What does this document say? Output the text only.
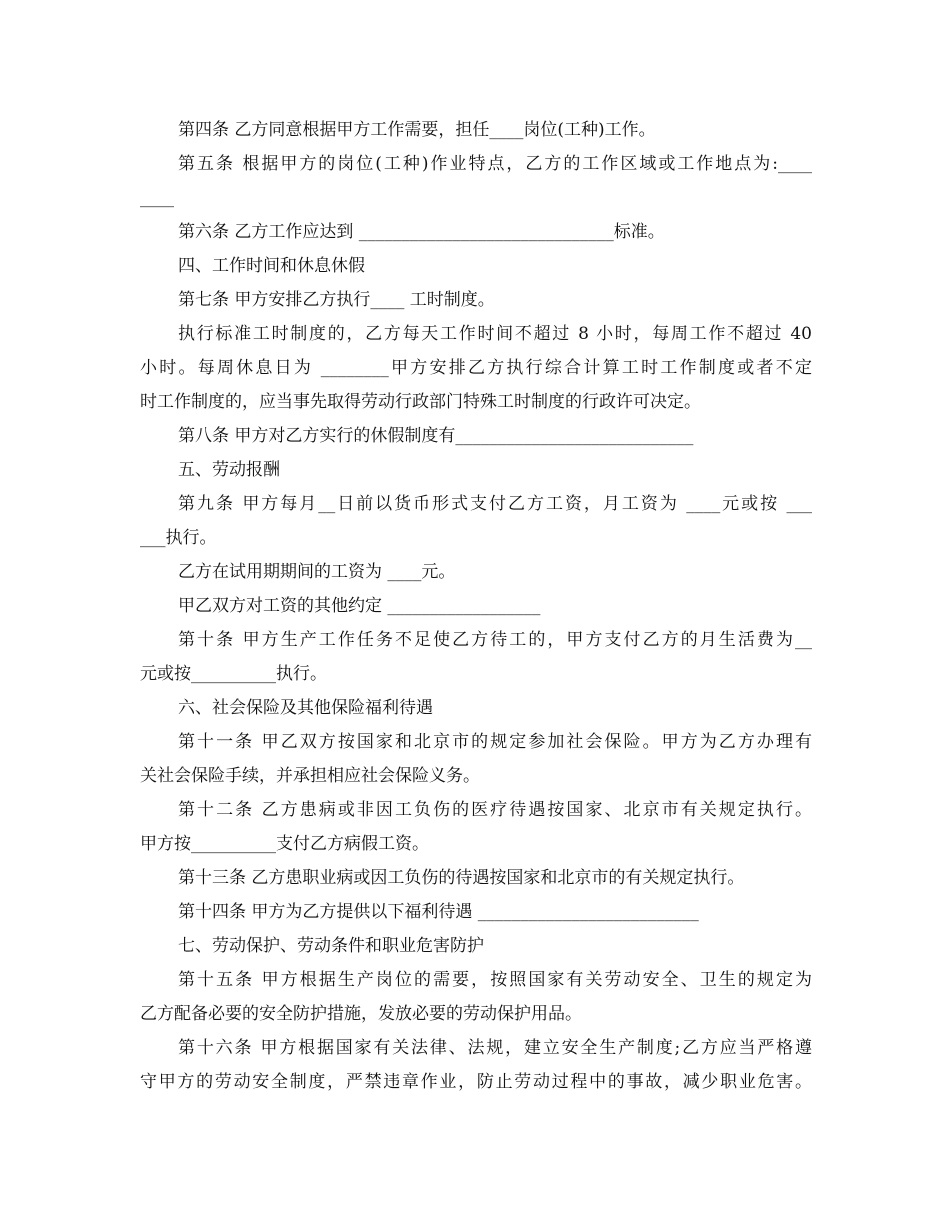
第四条 乙方同意根据甲方工作需要，担任____岗位(工种)工作。
第五条 根据甲方的岗位(工种)作业特点，乙方的工作区域或工作地点为:____
____
第六条 乙方工作应达到 ______________________________标准。
四、工作时间和休息休假
第七条 甲方安排乙方执行____ 工时制度。
执行标准工时制度的，乙方每天工作时间不超过 8 小时，每周工作不超过 40
小时。每周休息日为 ________甲方安排乙方执行综合计算工时工作制度或者不定
时工作制度的，应当事先取得劳动行政部门特殊工时制度的行政许可决定。
第八条 甲方对乙方实行的休假制度有____________________________
五、劳动报酬
第九条 甲方每月__日前以货币形式支付乙方工资，月工资为 ____元或按 ___
___执行。
乙方在试用期期间的工资为 ____元。
甲乙双方对工资的其他约定 __________________
第十条 甲方生产工作任务不足使乙方待工的，甲方支付乙方的月生活费为__
元或按__________执行。
六、社会保险及其他保险福利待遇
第十一条 甲乙双方按国家和北京市的规定参加社会保险。甲方为乙方办理有
关社会保险手续，并承担相应社会保险义务。
第十二条 乙方患病或非因工负伤的医疗待遇按国家、北京市有关规定执行。
甲方按__________支付乙方病假工资。
第十三条 乙方患职业病或因工负伤的待遇按国家和北京市的有关规定执行。
第十四条 甲方为乙方提供以下福利待遇 __________________________
七、劳动保护、劳动条件和职业危害防护
第十五条 甲方根据生产岗位的需要，按照国家有关劳动安全、卫生的规定为
乙方配备必要的安全防护措施，发放必要的劳动保护用品。
第十六条 甲方根据国家有关法律、法规，建立安全生产制度;乙方应当严格遵
守甲方的劳动安全制度，严禁违章作业，防止劳动过程中的事故，减少职业危害。
